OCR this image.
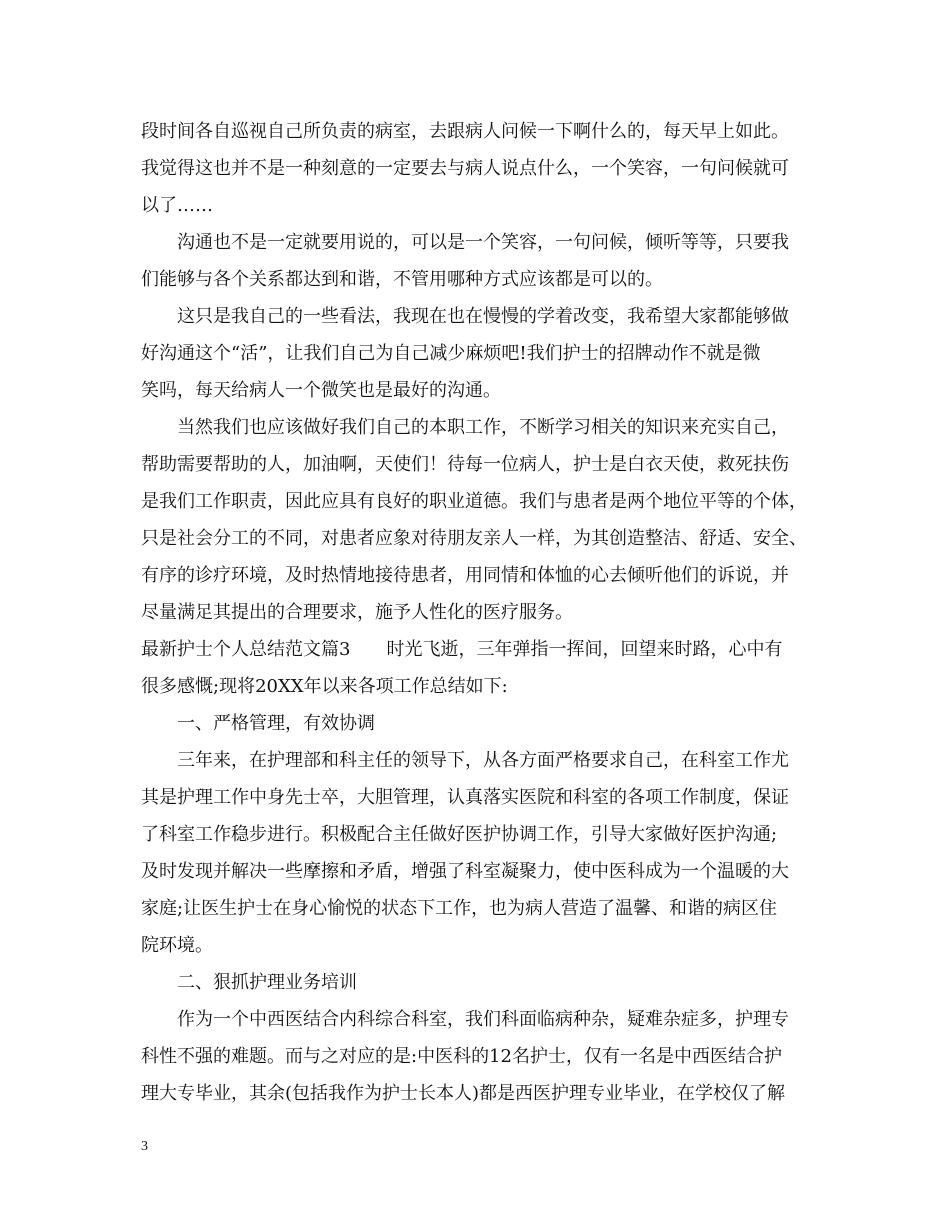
段时间各自巡视自己所负责的病室，去跟病人问候一下啊什么的，每天早上如此。
我觉得这也并不是一种刻意的一定要去与病人说点什么，一个笑容，一句问候就可
以了……
　　沟通也不是一定就要用说的，可以是一个笑容，一句问候，倾听等等，只要我
们能够与各个关系都达到和谐，不管用哪种方式应该都是可以的。
　　这只是我自己的一些看法，我现在也在慢慢的学着改变，我希望大家都能够做
好沟通这个“活”，让我们自己为自己减少麻烦吧!我们护士的招牌动作不就是微
笑吗，每天给病人一个微笑也是最好的沟通。
　　当然我们也应该做好我们自己的本职工作，不断学习相关的知识来充实自己，
帮助需要帮助的人，加油啊，天使们！待每一位病人，护士是白衣天使，救死扶伤
是我们工作职责，因此应具有良好的职业道德。我们与患者是两个地位平等的个体，
只是社会分工的不同，对患者应象对待朋友亲人一样，为其创造整洁、舒适、安全、
有序的诊疗环境，及时热情地接待患者，用同情和体恤的心去倾听他们的诉说，并
尽量满足其提出的合理要求，施予人性化的医疗服务。
最新护士个人总结范文篇3　　时光飞逝，三年弹指一挥间，回望来时路，心中有
很多感慨;现将20XX年以来各项工作总结如下:
　　一、严格管理，有效协调
　　三年来，在护理部和科主任的领导下，从各方面严格要求自己，在科室工作尤
其是护理工作中身先士卒，大胆管理，认真落实医院和科室的各项工作制度，保证
了科室工作稳步进行。积极配合主任做好医护协调工作，引导大家做好医护沟通;
及时发现并解决一些摩擦和矛盾，增强了科室凝聚力，使中医科成为一个温暖的大
家庭;让医生护士在身心愉悦的状态下工作，也为病人营造了温馨、和谐的病区住
院环境。
　　二、狠抓护理业务培训
　　作为一个中西医结合内科综合科室，我们科面临病种杂，疑难杂症多，护理专
科性不强的难题。而与之对应的是:中医科的12名护士，仅有一名是中西医结合护
理大专毕业，其余(包括我作为护士长本人)都是西医护理专业毕业，在学校仅了解
3
